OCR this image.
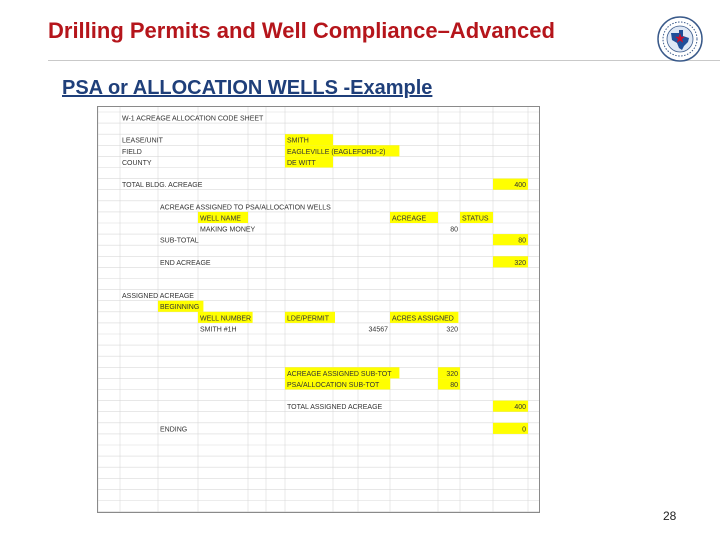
Drilling Permits and Well Compliance–Advanced
PSA or ALLOCATION WELLS -Example
W-1 ACREAGE ALLOCATION CODE SHEET
LEASE/UNIT	SMITH
FIELD	EAGLEVILLE (EAGLEFORD-2)
COUNTY	DE WITT
TOTAL BLDG. ACREAGE	400
ACREAGE ASSIGNED TO PSA/ALLOCATION WELLS
WELL NAME	ACREAGE	STATUS
MAKING MONEY	80
SUB-TOTAL	80
END ACREAGE	320
ASSIGNED ACREAGE
BEGINNING
WELL NUMBER	LDE/PERMIT	ACRES ASSIGNED
SMITH #1H	34567	320
ACREAGE ASSIGNED SUB-TOT	320
PSA/ALLOCATION SUB-TOT	80
TOTAL ASSIGNED ACREAGE	400
ENDING	0
28
